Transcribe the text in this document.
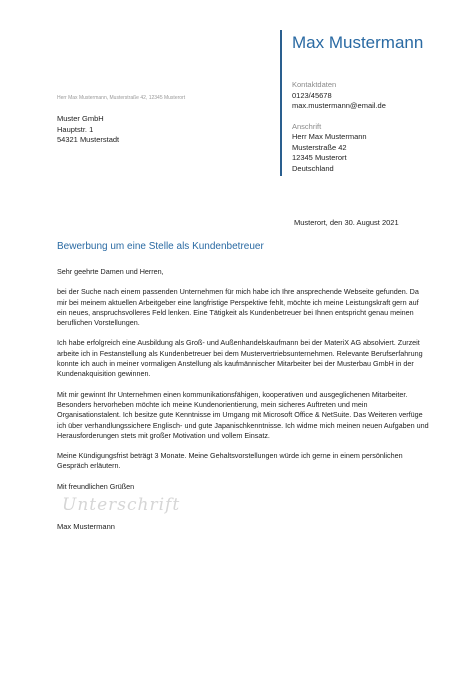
Max Mustermann
Kontaktdaten
0123/45678
max.mustermann@email.de
Anschrift
Herr Max Mustermann
Musterstraße 42
12345 Musterort
Deutschland
Herr Max Mustermann, Musterstraße 42, 12345 Musterort
Muster GmbH
Hauptstr. 1
54321 Musterstadt
Musterort, den 30. August 2021
Bewerbung um eine Stelle als Kundenbetreuer

Sehr geehrte Damen und Herren,

bei der Suche nach einem passenden Unternehmen für mich habe ich Ihre ansprechende Webseite gefunden. Da mir bei meinem aktuellen Arbeitgeber eine langfristige Perspektive fehlt, möchte ich meine Leistungskraft gern auf ein neues, anspruchsvolleres Feld lenken. Eine Tätigkeit als Kundenbetreuer bei Ihnen entspricht genau meinen beruflichen Vorstellungen.

Ich habe erfolgreich eine Ausbildung als Groß- und Außenhandelskaufmann bei der MateriX AG absolviert. Zurzeit arbeite ich in Festanstellung als Kundenbetreuer bei dem Mustervertriebsunternehmen. Relevante Berufserfahrung konnte ich auch in meiner vormaligen Anstellung als kaufmännischer Mitarbeiter bei der Musterbau GmbH in der Kundenakquisition gewinnen.

Mit mir gewinnt Ihr Unternehmen einen kommunikationsfähigen, kooperativen und ausgeglichenen Mitarbeiter. Besonders hervorheben möchte ich meine Kundenorientierung, mein sicheres Auftreten und mein Organisationstalent. Ich besitze gute Kenntnisse im Umgang mit Microsoft Office & NetSuite. Das Weiteren verfüge ich über verhandlungssichere Englisch- und gute Japanischkenntnisse. Ich widme mich meinen neuen Aufgaben und Herausforderungen stets mit großer Motivation und vollem Einsatz.

Meine Kündigungsfrist beträgt 3 Monate. Meine Gehaltsvorstellungen würde ich gerne in einem persönlichen Gespräch erläutern.

Mit freundlichen Grüßen

Unterschrift
Max Mustermann
